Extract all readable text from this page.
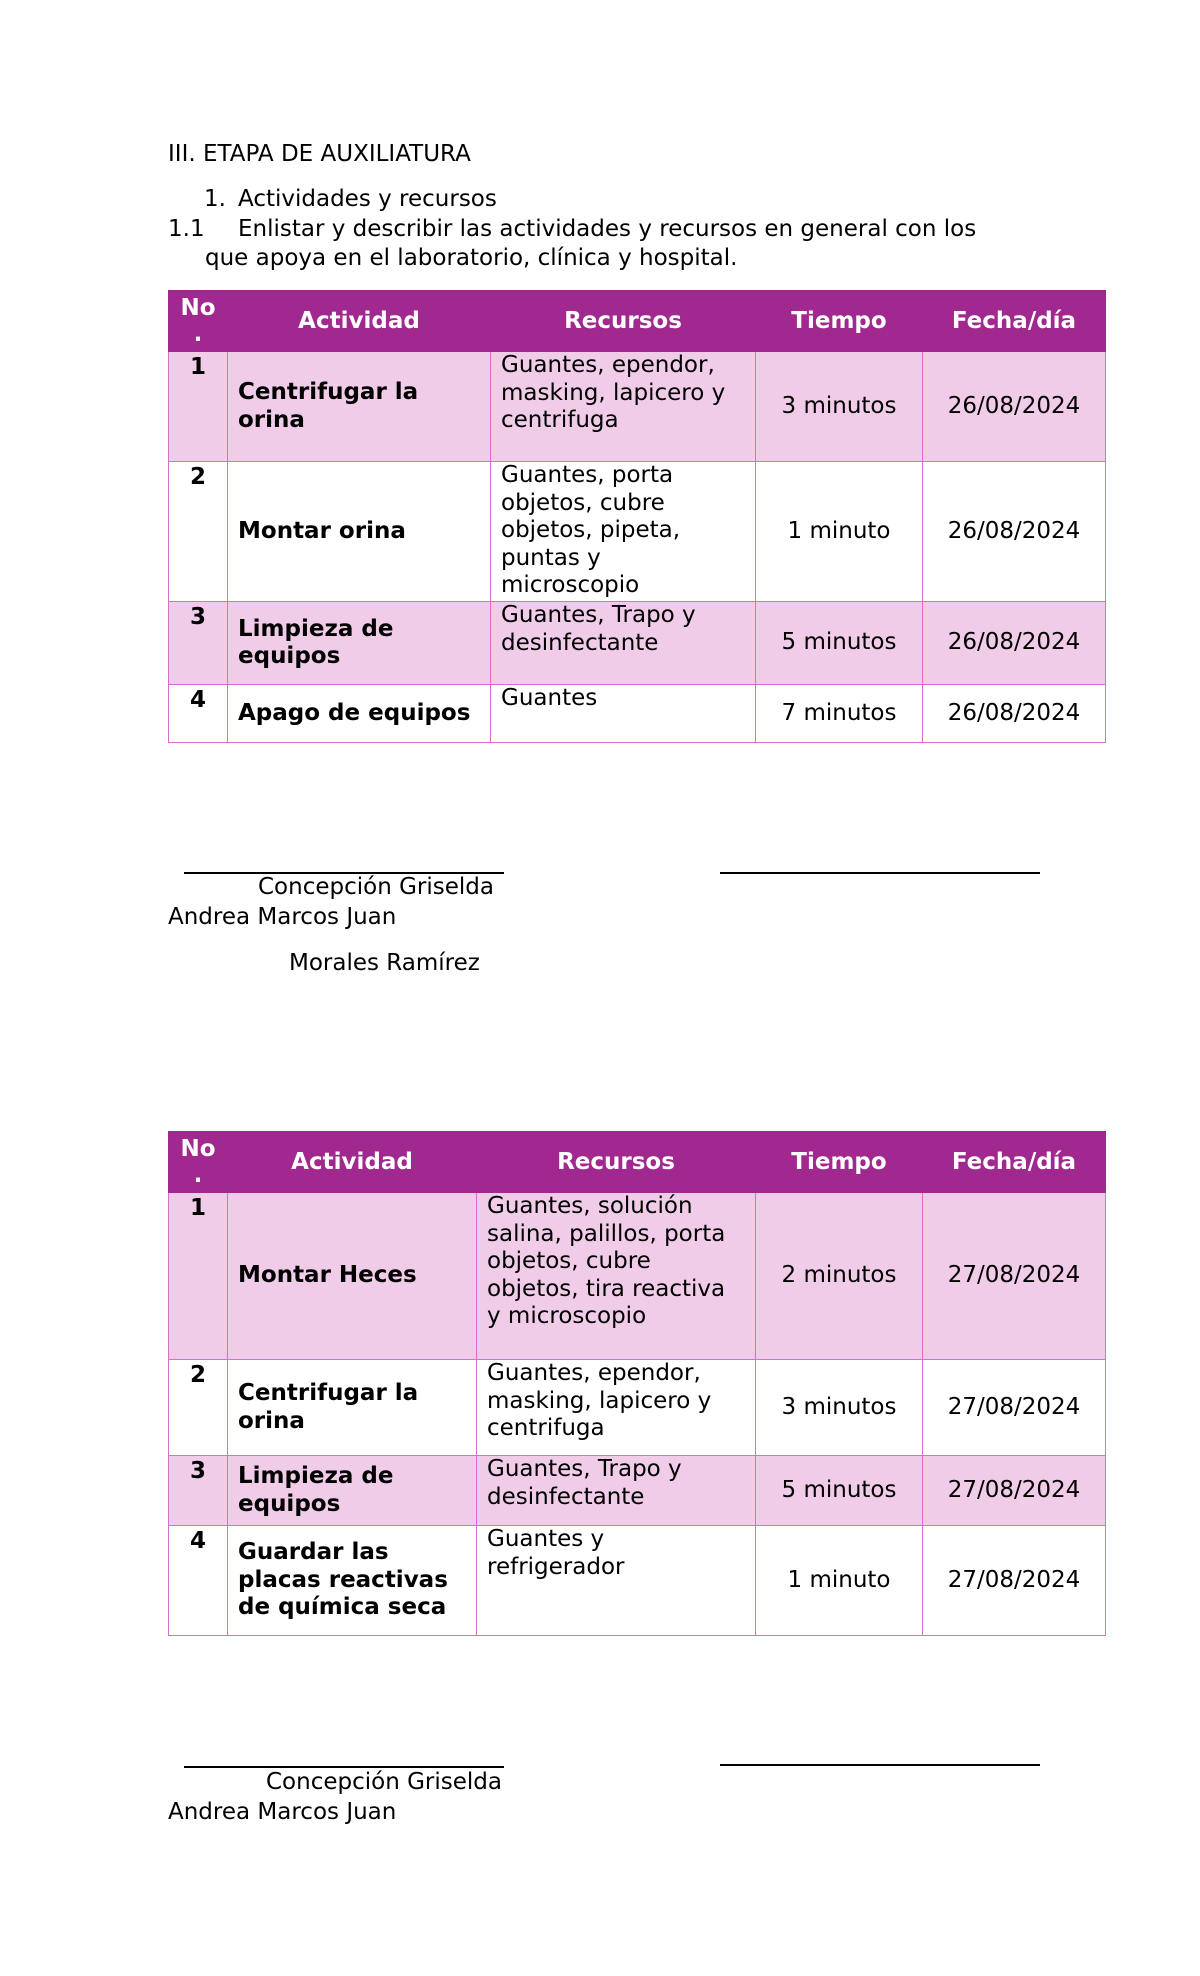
III. ETAPA DE AUXILIATURA
1. Actividades y recursos
1.1 Enlistar y describir las actividades y recursos en general con los
que apoya en el laboratorio, clínica y hospital.
No
.	Actividad	Recursos	Tiempo	Fecha/día
1	Centrifugar la orina	Guantes, ependor, masking, lapicero y centrifuga	3 minutos	26/08/2024
2	Montar orina	Guantes, porta objetos, cubre objetos, pipeta, puntas y microscopio	1 minuto	26/08/2024
3	Limpieza de equipos	Guantes, Trapo y desinfectante	5 minutos	26/08/2024
4	Apago de equipos	Guantes	7 minutos	26/08/2024
Concepción Griselda
Andrea Marcos Juan
Morales Ramírez
No
.	Actividad	Recursos	Tiempo	Fecha/día
1	Montar Heces	Guantes, solución salina, palillos, porta objetos, cubre objetos, tira reactiva y microscopio	2 minutos	27/08/2024
2	Centrifugar la orina	Guantes, ependor, masking, lapicero y centrifuga	3 minutos	27/08/2024
3	Limpieza de equipos	Guantes, Trapo y desinfectante	5 minutos	27/08/2024
4	Guardar las placas reactivas de química seca	Guantes y refrigerador	1 minuto	27/08/2024
Concepción Griselda
Andrea Marcos Juan
